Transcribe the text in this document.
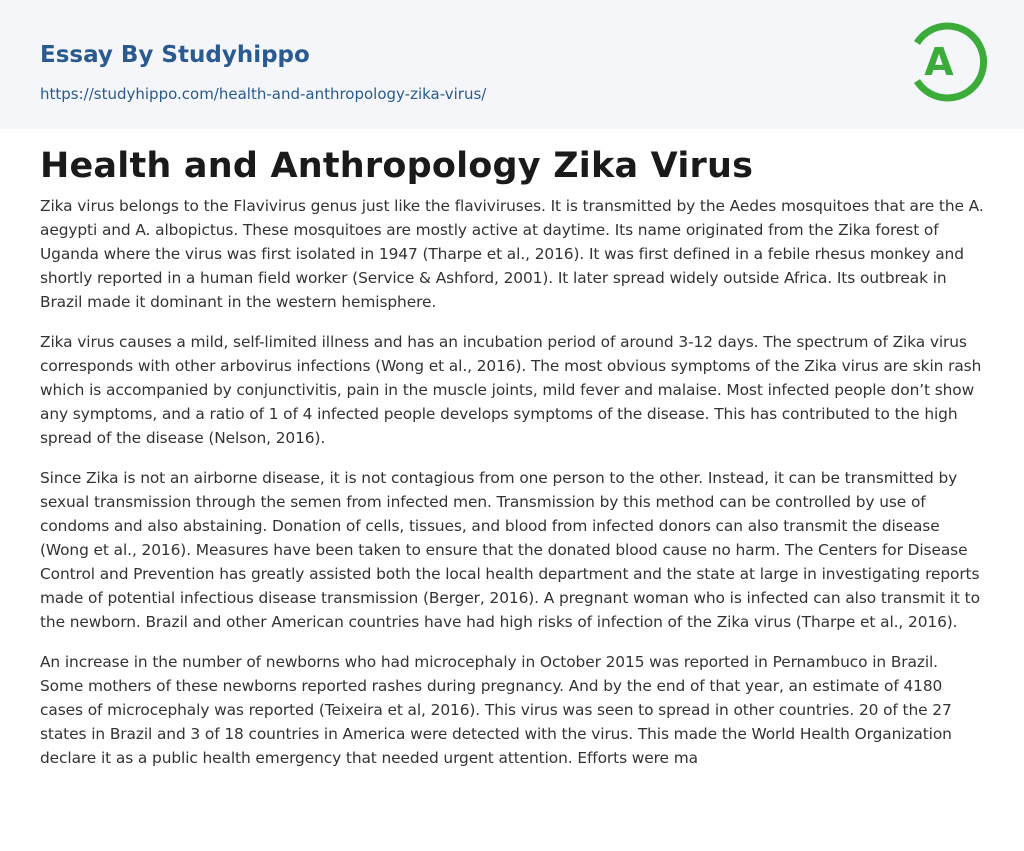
Essay By Studyhippo
https://studyhippo.com/health-and-anthropology-zika-virus/
A
Health and Anthropology Zika Virus

Zika virus belongs to the Flavivirus genus just like the flaviviruses. It is transmitted by the Aedes mosquitoes that are the A. aegypti and A. albopictus. These mosquitoes are mostly active at daytime. Its name originated from the Zika forest of Uganda where the virus was first isolated in 1947 (Tharpe et al., 2016). It was first defined in a febile rhesus monkey and shortly reported in a human field worker (Service & Ashford, 2001). It later spread widely outside Africa. Its outbreak in Brazil made it dominant in the western hemisphere.

Zika virus causes a mild, self-limited illness and has an incubation period of around 3-12 days. The spectrum of Zika virus corresponds with other arbovirus infections (Wong et al., 2016). The most obvious symptoms of the Zika virus are skin rash which is accompanied by conjunctivitis, pain in the muscle joints, mild fever and malaise. Most infected people don’t show any symptoms, and a ratio of 1 of 4 infected people develops symptoms of the disease. This has contributed to the high spread of the disease (Nelson, 2016).

Since Zika is not an airborne disease, it is not contagious from one person to the other. Instead, it can be transmitted by sexual transmission through the semen from infected men. Transmission by this method can be controlled by use of condoms and also abstaining. Donation of cells, tissues, and blood from infected donors can also transmit the disease (Wong et al., 2016). Measures have been taken to ensure that the donated blood cause no harm. The Centers for Disease Control and Prevention has greatly assisted both the local health department and the state at large in investigating reports made of potential infectious disease transmission (Berger, 2016). A pregnant woman who is infected can also transmit it to the newborn. Brazil and other American countries have had high risks of infection of the Zika virus (Tharpe et al., 2016).

An increase in the number of newborns who had microcephaly in October 2015 was reported in Pernambuco in Brazil. Some mothers of these newborns reported rashes during pregnancy. And by the end of that year, an estimate of 4180 cases of microcephaly was reported (Teixeira et al, 2016). This virus was seen to spread in other countries. 20 of the 27 states in Brazil and 3 of 18 countries in America were detected with the virus. This made the World Health Organization declare it as a public health emergency that needed urgent attention. Efforts were ma
